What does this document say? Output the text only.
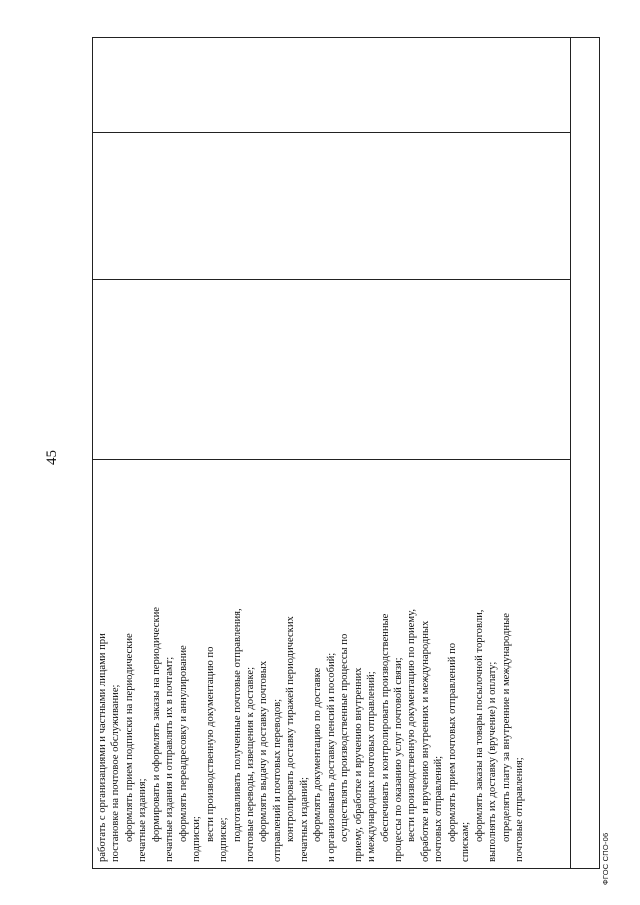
45
работать с организациями и частными лицами при постановке на почтовое обслуживание; оформлять прием подписки на периодические печатные издания; формировать и оформлять заказы на периодические печатные издания и отправлять их в почтамт; оформлять переадресовку и аннулирование подписки; вести производственную документацию по подписке; подготавливать полученные почтовые отправления, почтовые переводы, извещения к доставке; оформлять выдачу и доставку почтовых отправлений и почтовых переводов; контролировать доставку тиражей периодических печатных изданий; оформлять документацию по доставке и организовывать доставку пенсий и пособий; осуществлять производственные процессы по приему, обработке и вручению внутренних и международных почтовых отправлений; обеспечивать и контролировать производственные процессы по оказанию услуг почтовой связи; вести производственную документацию по приему, обработке и вручению внутренних и международных почтовых отправлений; оформлять прием почтовых отправлений по спискам; оформлять заказы на товары посылочной торговли, выполнять их доставку (вручение) и оплату; определять плату за внутренние и международные почтовые отправления;
				ФГОС СПО-06
